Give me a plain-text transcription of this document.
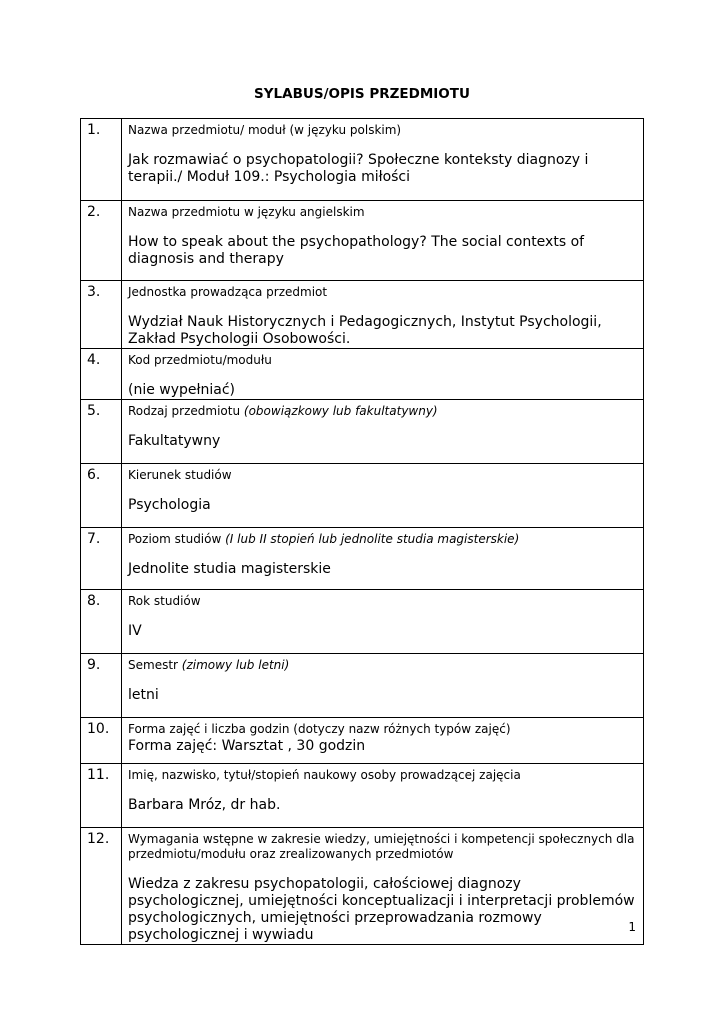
SYLABUS/OPIS PRZEDMIOTU
1.	Nazwa przedmiotu/ moduł (w języku polskim)
Jak rozmawiać o psychopatologii? Społeczne konteksty diagnozy i terapii./ Moduł 109.: Psychologia miłości

2.	Nazwa przedmiotu w języku angielskim
How to speak about the psychopathology? The social contexts of diagnosis and therapy

3.	Jednostka prowadząca przedmiot
Wydział Nauk Historycznych i Pedagogicznych, Instytut Psychologii, Zakład Psychologii Osobowości.

4.	Kod przedmiotu/modułu
(nie wypełniać)

5.	Rodzaj przedmiotu (obowiązkowy lub fakultatywny)
Fakultatywny

6.	Kierunek studiów
Psychologia

7.	Poziom studiów (I lub II stopień lub jednolite studia magisterskie)
Jednolite studia magisterskie

8.	Rok studiów
IV

9.	Semestr (zimowy lub letni)
letni

10.	Forma zajęć i liczba godzin (dotyczy nazw różnych typów zajęć)
Forma zajęć: Warsztat , 30 godzin

11.	Imię, nazwisko, tytuł/stopień naukowy osoby prowadzącej zajęcia
Barbara Mróz, dr hab.

12.	Wymagania wstępne w zakresie wiedzy, umiejętności i kompetencji społecznych dla przedmiotu/modułu oraz zrealizowanych przedmiotów
Wiedza z zakresu psychopatologii, całościowej diagnozy psychologicznej, umiejętności konceptualizacji i interpretacji problemów psychologicznych, umiejętności przeprowadzania rozmowy psychologicznej i wywiadu	1
